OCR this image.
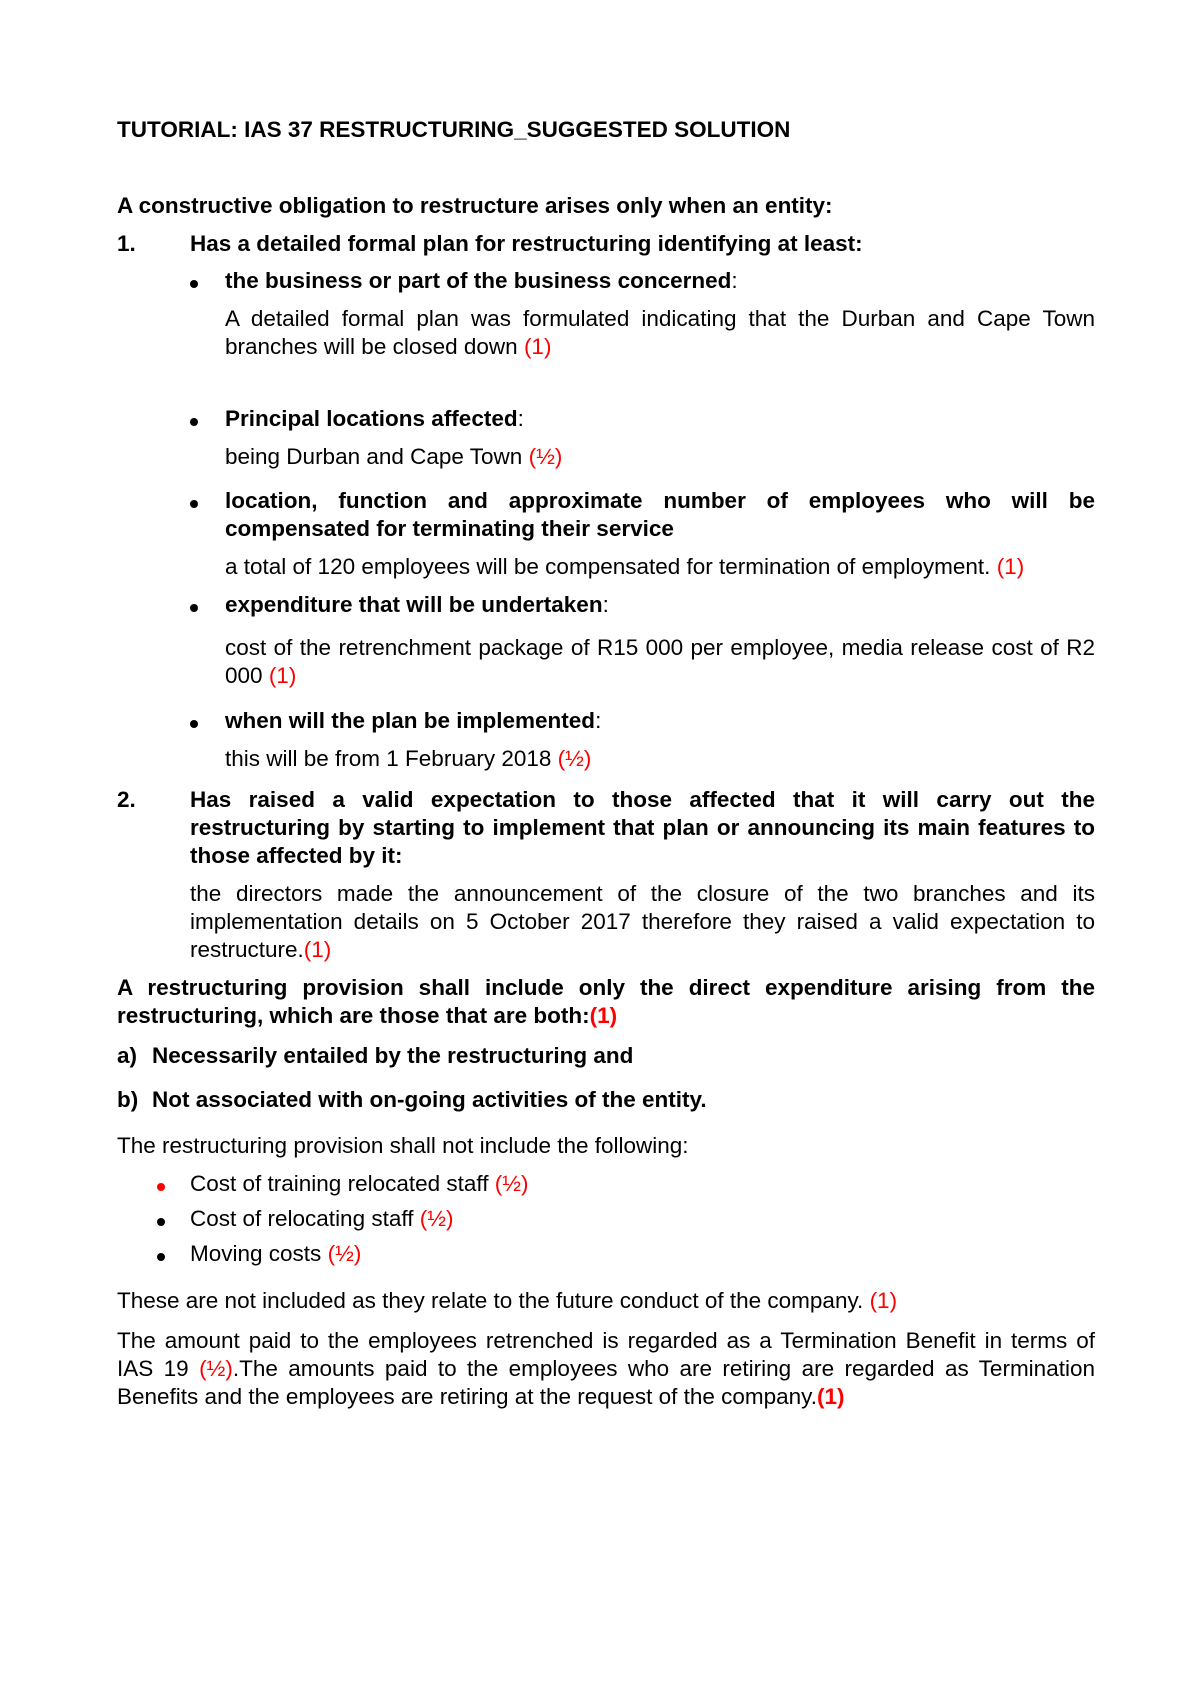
TUTORIAL: IAS 37 RESTRUCTURING_SUGGESTED SOLUTION
A constructive obligation to restructure arises only when an entity:
1. Has a detailed formal plan for restructuring identifying at least:
the business or part of the business concerned:
A detailed formal plan was formulated indicating that the Durban and Cape Town branches will be closed down (1)
Principal locations affected:
being Durban and Cape Town (½)
location, function and approximate number of employees who will be compensated for terminating their service
a total of 120 employees will be compensated for termination of employment. (1)
expenditure that will be undertaken:
cost of the retrenchment package of R15 000 per employee, media release cost of R2 000 (1)
when will the plan be implemented:
this will be from 1 February 2018 (½)
2. Has raised a valid expectation to those affected that it will carry out the restructuring by starting to implement that plan or announcing its main features to those affected by it:
the directors made the announcement of the closure of the two branches and its implementation details on 5 October 2017 therefore they raised a valid expectation to restructure.(1)
A restructuring provision shall include only the direct expenditure arising from the restructuring, which are those that are both:(1)
a) Necessarily entailed by the restructuring and
b) Not associated with on-going activities of the entity.
The restructuring provision shall not include the following:
Cost of training relocated staff (½)
Cost of relocating staff (½)
Moving costs (½)
These are not included as they relate to the future conduct of the company. (1)
The amount paid to the employees retrenched is regarded as a Termination Benefit in terms of IAS 19 (½).The amounts paid to the employees who are retiring are regarded as Termination Benefits and the employees are retiring at the request of the company.(1)
